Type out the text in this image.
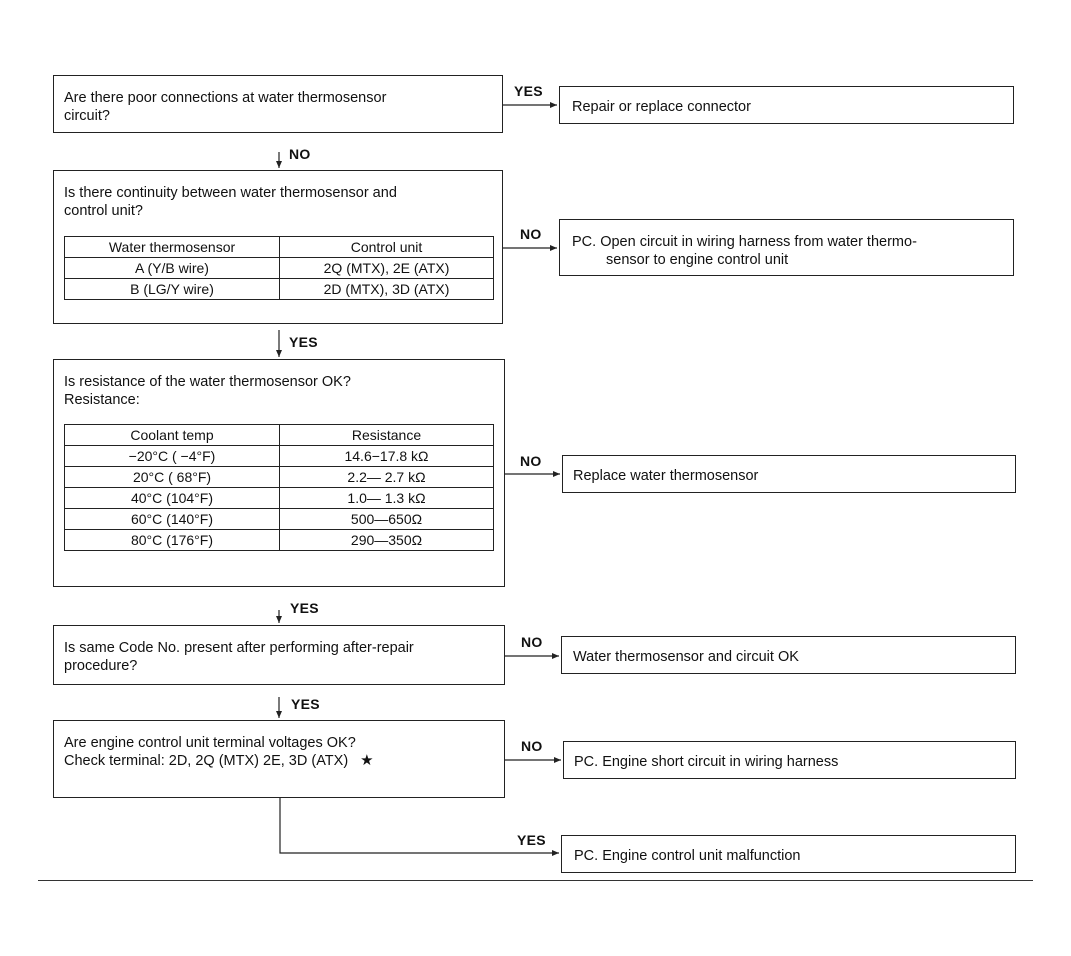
Are there poor connections at water thermosensor
circuit?
YES
Repair or replace connector
NO
Is there continuity between water thermosensor and
control unit?
Water thermosensor	Control unit
A (Y/B wire)	2Q (MTX), 2E (ATX)
B (LG/Y wire)	2D (MTX), 3D (ATX)
NO PC. Open circuit in wiring harness from water thermo-
sensor to engine control unit
YES
Is resistance of the water thermosensor OK?
Resistance:
Coolant temp	Resistance
−20°C ( −4°F)	14.6−17.8 kΩ
20°C ( 68°F)	2.2— 2.7 kΩ
40°C (104°F)	1.0— 1.3 kΩ
60°C (140°F)	500—650Ω
80°C (176°F)	290—350Ω
NO
Replace water thermosensor
YES
Is same Code No. present after performing after-repair
procedure?
NO
Water thermosensor and circuit OK
YES
Are engine control unit terminal voltages OK?
Check terminal: 2D, 2Q (MTX) 2E, 3D (ATX) ★
NO
PC. Engine short circuit in wiring harness
YES
PC. Engine control unit malfunction
